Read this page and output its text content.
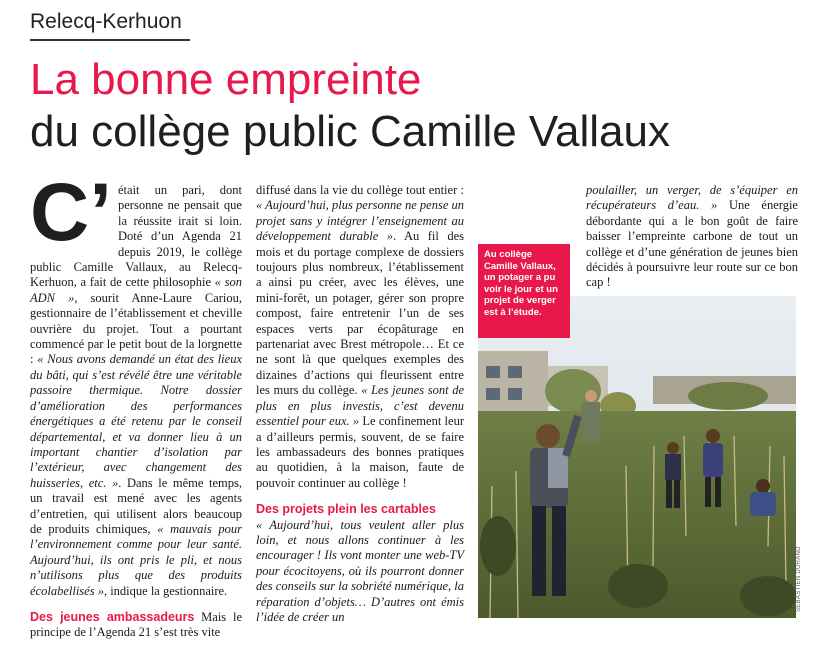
Relecq-Kerhuon
La bonne empreinte
du collège public Camille Vallaux

C’ était un pari, dont personne ne pensait que la réussite irait si loin. Doté d’un Agenda 21 depuis 2019, le collège public Camille Vallaux, au Relecq-Kerhuon, a fait de cette philosophie « son ADN », sourit Anne-Laure Cariou, gestionnaire de l’établissement et cheville ouvrière du projet. Tout a pourtant commencé par le petit bout de la lorgnette : « Nous avons demandé un état des lieux du bâti, qui s’est révélé être une véritable passoire thermique. Notre dossier d’amélioration des performances énergétiques a été retenu par le conseil départemental, et va donner lieu à un important chantier d’isolation par l’extérieur, avec changement des huisseries, etc. ». Dans le même temps, un travail est mené avec les agents d’entretien, qui utilisent alors beaucoup de produits chimiques, « mauvais pour l’environnement comme pour leur santé. Aujourd’hui, ils ont pris le pli, et nous n’utilisons plus que des produits écolabellisés », indique la gestionnaire.

Des jeunes ambassadeurs Mais le principe de l’Agenda 21 s’est très vite

diffusé dans la vie du collège tout entier : « Aujourd’hui, plus personne ne pense un projet sans y intégrer l’enseignement au développement durable ». Au fil des mois et du portage complexe de dossiers toujours plus nombreux, l’établissement a ainsi pu créer, avec les élèves, une mini-forêt, un potager, gérer son propre compost, faire entretenir l’un de ses espaces verts par écopâturage en partenariat avec Brest métropole… Et ce ne sont là que quelques exemples des dizaines d’actions qui fleurissent entre les murs du collège. « Les jeunes sont de plus en plus investis, c’est devenu essentiel pour eux. » Le confinement leur a d’ailleurs permis, souvent, de se faire les ambassadeurs des bonnes pratiques au quotidien, à la maison, faute de pouvoir continuer au collège !

Des projets plein les cartables

« Aujourd’hui, tous veulent aller plus loin, et nous allons continuer à les encourager ! Ils vont monter une web-TV pour écocitoyens, où ils pourront donner des conseils sur la sobriété numérique, la réparation d’objets… D’autres ont émis l’idée de créer un

poulailler, un verger, de s’équiper en récupérateurs d’eau. » Une énergie débordante qui a le bon goût de faire baisser l’empreinte carbone de tout un collège et d’une génération de jeunes bien décidés à poursuivre leur route sur ce bon cap !

Au collège Camille Vallaux, un potager a pu voir le jour et un projet de verger est à l’étude.
SÉBASTIEN DURAND
